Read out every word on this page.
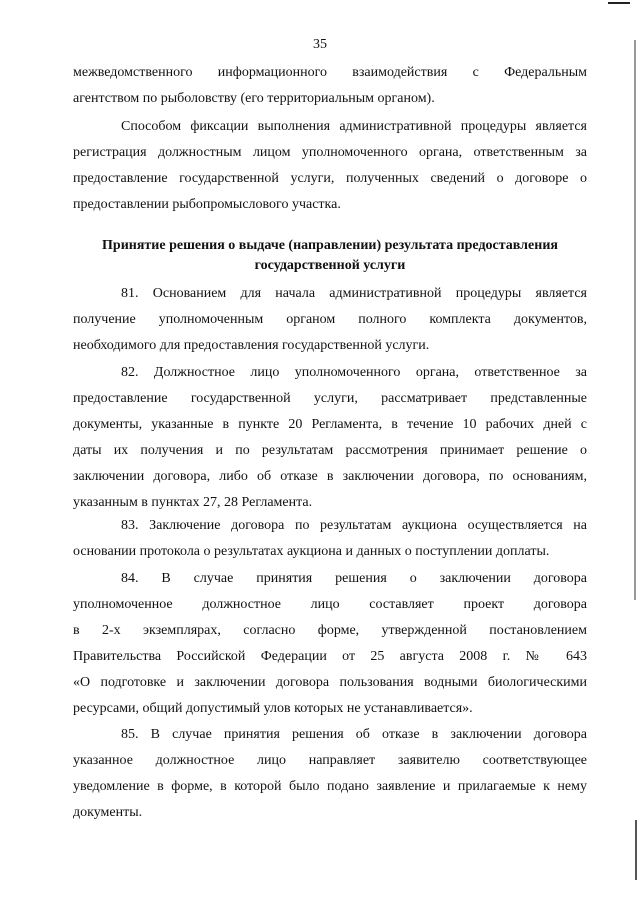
35
межведомственного информационного взаимодействия с Федеральным
агентством по рыболовству (его территориальным органом).
Способом фиксации выполнения административной процедуры является
регистрация должностным лицом уполномоченного органа, ответственным за
предоставление государственной услуги, полученных сведений о договоре о
предоставлении рыбопромыслового участка.
Принятие решения о выдаче (направлении) результата предоставления
государственной услуги
81. Основанием для начала административной процедуры является
получение уполномоченным органом полного комплекта документов,
необходимого для предоставления государственной услуги.
82. Должностное лицо уполномоченного органа, ответственное за
предоставление государственной услуги, рассматривает представленные
документы, указанные в пункте 20 Регламента, в течение 10 рабочих дней с
даты их получения и по результатам рассмотрения принимает решение о
заключении договора, либо об отказе в заключении договора, по основаниям,
указанным в пунктах 27, 28 Регламента.
83. Заключение договора по результатам аукциона осуществляется на
основании протокола о результатах аукциона и данных о поступлении доплаты.
84. В случае принятия решения о заключении договора
уполномоченное должностное лицо составляет проект договора
в 2-х экземплярах, согласно форме, утвержденной постановлением
Правительства Российской Федерации от 25 августа 2008 г. № 643
«О подготовке и заключении договора пользования водными биологическими
ресурсами, общий допустимый улов которых не устанавливается».
85. В случае принятия решения об отказе в заключении договора
указанное должностное лицо направляет заявителю соответствующее
уведомление в форме, в которой было подано заявление и прилагаемые к нему
документы.
